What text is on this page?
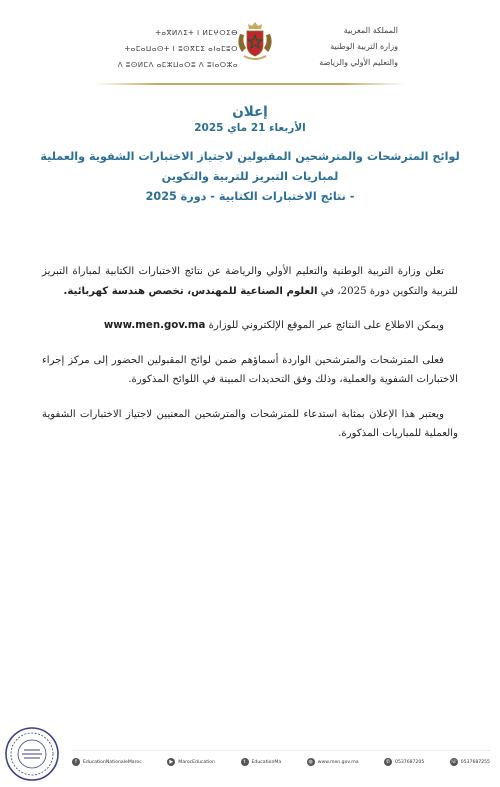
ⵜⴰⴳⵍⴷⵉⵜ ⵏ ⵍⵎⵖⵔⵉⴱ
ⵜⴰⵎⴰⵡⴰⵙⵜ ⵏ ⵓⵙⴳⵎⵉ ⴰⵏⴰⵎⵓⵔ
ⴷ ⵓⵙⵍⵎⴷ ⴰⵎⵣⵡⴰⵔⵓ ⴷ ⵓⵏⴰⵔⵣⴰ
المملكة المغربية
وزارة التربية الوطنية
والتعليم الأولي والرياضة
إعلان
الأربعاء 21 ماي 2025
لوائح المترشحات والمترشحين المقبولين لاجتياز الاختبارات الشفوية والعملية
لمباريات التبريز للتربية والتكوين
- نتائج الاختبارات الكتابية - دورة 2025

تعلن وزارة التربية الوطنية والتعليم الأولي والرياضة عن نتائج الاختبارات الكتابية لمباراة التبريز للتربية والتكوين دورة 2025، في العلوم الصناعية للمهندس، تخصص هندسة كهربائية.

ويمكن الاطلاع على النتائج عبر الموقع الإلكتروني للوزارة www.men.gov.ma

فعلى المترشحات والمترشحين الواردة أسماؤهم ضمن لوائح المقبولين الحضور إلى مركز إجراء الاختبارات الشفوية والعملية، وذلك وفق التحديدات المبينة في اللوائح المذكورة.

ويعتبر هذا الإعلان بمثابة استدعاء للمترشحات والمترشحين المعنيين لاجتياز الاختبارات الشفوية والعملية للمباريات المذكورة.

f	EducationNationaleMaroc	▶	MarocEducation	t	EducationMa	◍	www.men.gov.ma	✆	0537687205	☏ 0537687255
